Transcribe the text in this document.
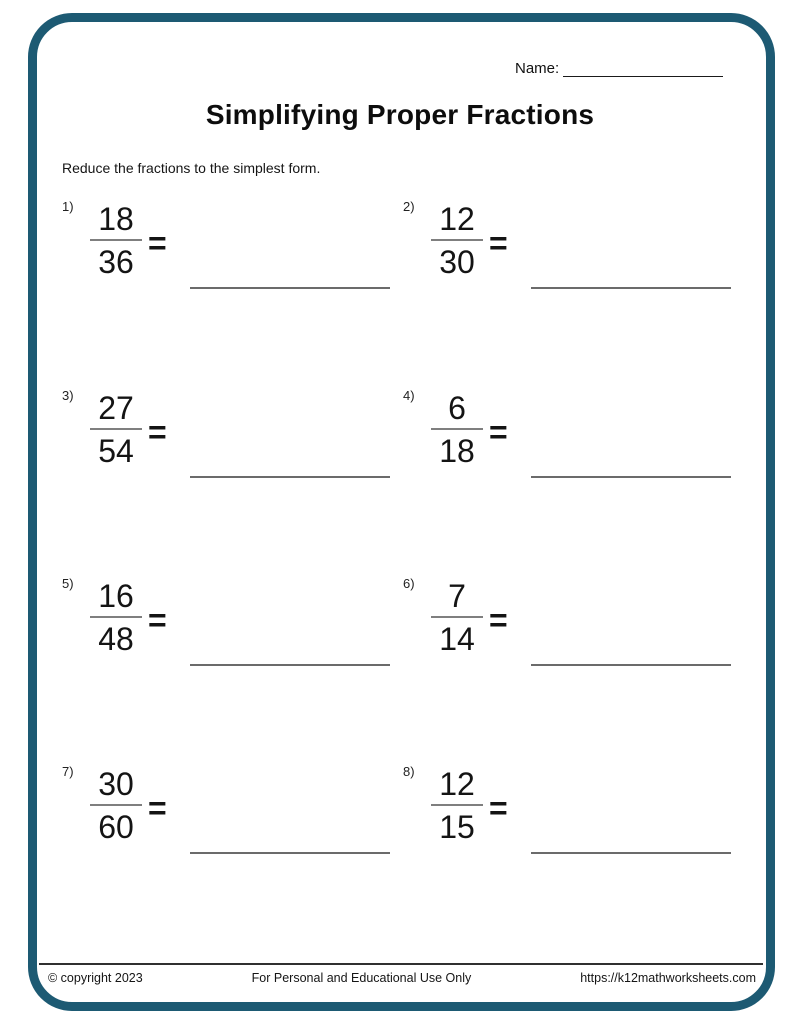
Name:
Simplifying Proper Fractions
Reduce the fractions to the simplest form.
1) 18
36
=
2) 12
30
=
3) 27
54
=
4)	6
18
=
5) 16
48
=
6)	7
14
=
7) 30
60
=
8) 12
15
=
© copyright 2023	For Personal and Educational Use Only	https://k12mathworksheets.com
